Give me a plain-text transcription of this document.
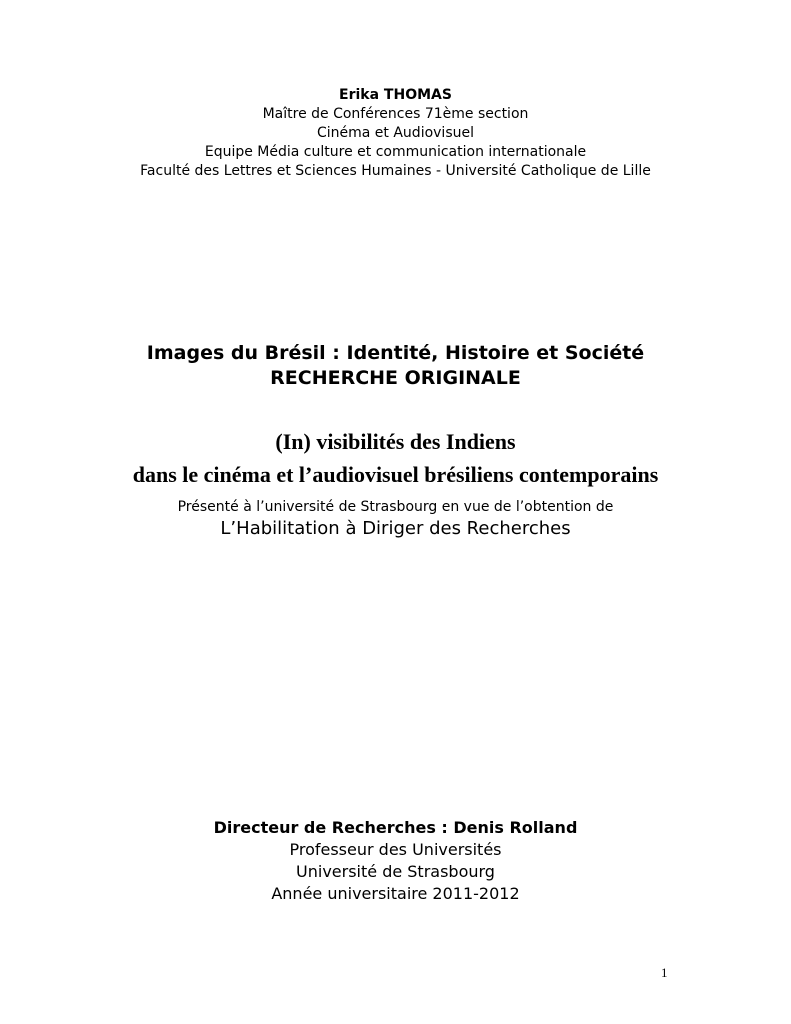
Erika THOMAS
Maître de Conférences 71ème section
Cinéma et Audiovisuel
Equipe Média culture et communication internationale
Faculté des Lettres et Sciences Humaines - Université Catholique de Lille
Images du Brésil : Identité, Histoire et Société
RECHERCHE ORIGINALE
(In) visibilités des Indiens
dans le cinéma et l’audiovisuel brésiliens contemporains
Présenté à l’université de Strasbourg en vue de l’obtention de
L’Habilitation à Diriger des Recherches
Directeur de Recherches : Denis Rolland
Professeur des Universités
Université de Strasbourg
Année universitaire 2011-2012
1
